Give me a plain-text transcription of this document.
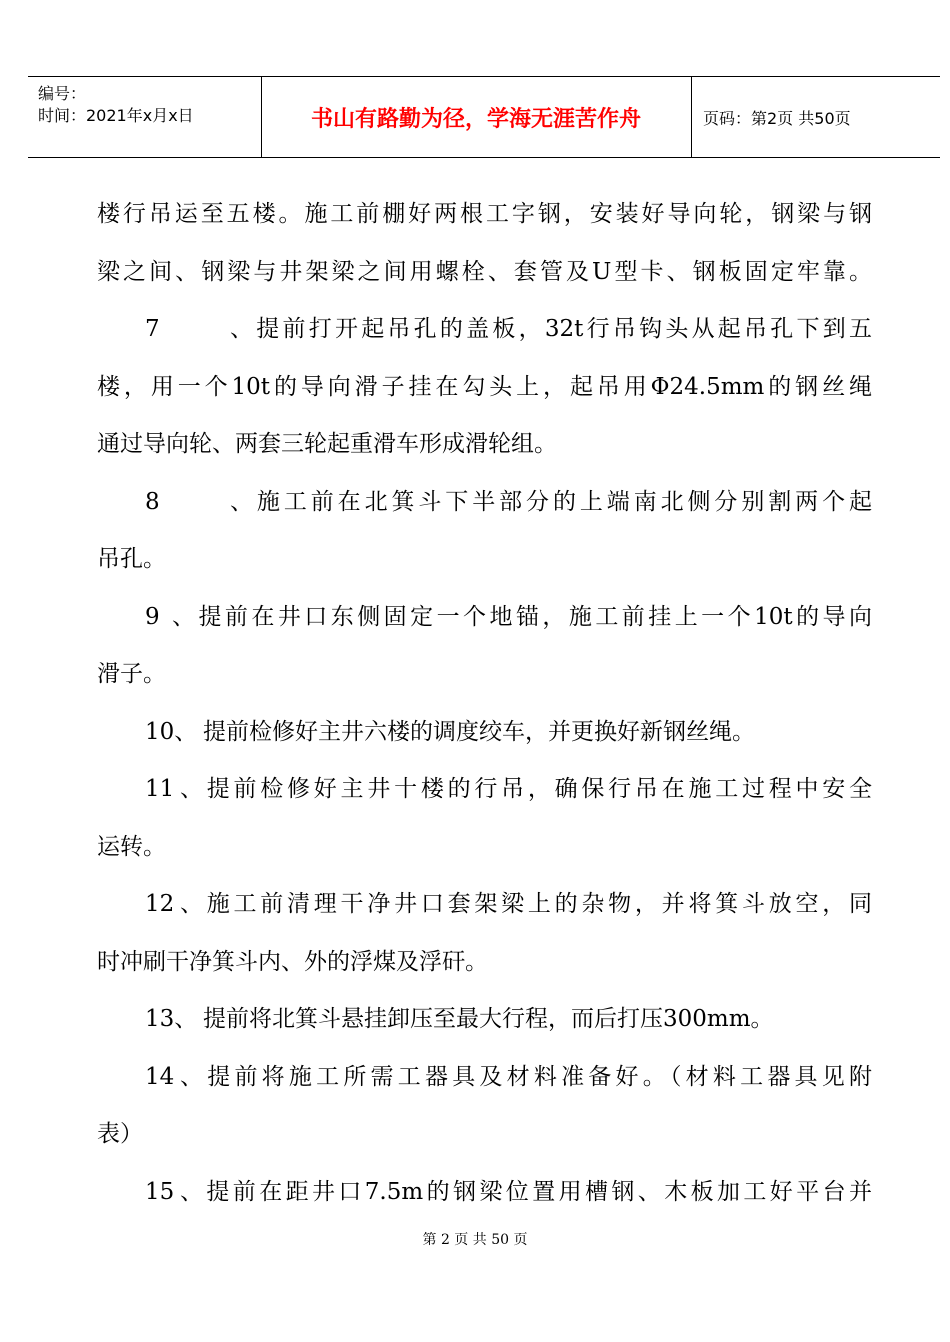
编号：
时间：2021年x月x日	书山有路勤为径，学海无涯苦作舟	页码：第2页 共50页
楼行吊运至五楼。施工前棚好两根工字钢，安装好导向轮，钢梁与钢
梁之间、钢梁与井架梁之间用螺栓、套管及U型卡、钢板固定牢靠。
7、提前打开起吊孔的盖板，32t行吊钩头从起吊孔下到五
楼，用一个10t的导向滑子挂在勾头上，起吊用Φ24.5mm的钢丝绳
通过导向轮、两套三轮起重滑车形成滑轮组。
8、施工前在北箕斗下半部分的上端南北侧分别割两个起
吊孔。
9、提前在井口东侧固定一个地锚，施工前挂上一个10t的导向
滑子。
10、 提前检修好主井六楼的调度绞车，并更换好新钢丝绳。
11、提前检修好主井十楼的行吊，确保行吊在施工过程中安全
运转。
12、施工前清理干净井口套架梁上的杂物，并将箕斗放空，同
时冲刷干净箕斗内、外的浮煤及浮矸。
13、 提前将北箕斗悬挂卸压至最大行程，而后打压300mm。
14、提前将施工所需工器具及材料准备好。（材料工器具见附
表）
15、提前在距井口7.5m的钢梁位置用槽钢、木板加工好平台并
第 2 页 共 50 页
